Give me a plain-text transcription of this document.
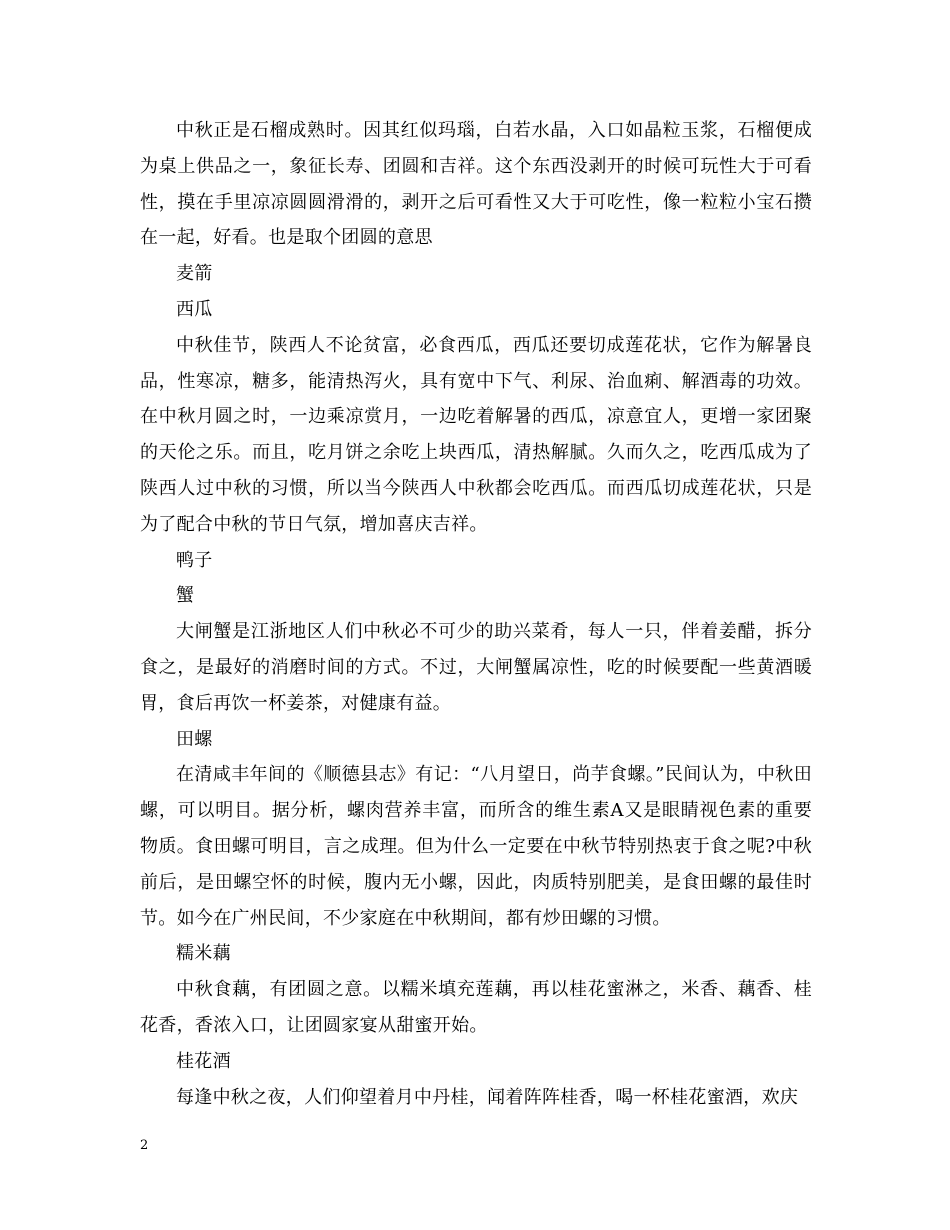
中秋正是石榴成熟时。因其红似玛瑙，白若水晶，入口如晶粒玉浆，石榴便成为桌上供品之一，象征长寿、团圆和吉祥。这个东西没剥开的时候可玩性大于可看性，摸在手里凉凉圆圆滑滑的，剥开之后可看性又大于可吃性，像一粒粒小宝石攒在一起，好看。也是取个团圆的意思

麦箭

西瓜

中秋佳节，陕西人不论贫富，必食西瓜，西瓜还要切成莲花状，它作为解暑良品，性寒凉，糖多，能清热泻火，具有宽中下气、利尿、治血痢、解酒毒的功效。在中秋月圆之时，一边乘凉赏月，一边吃着解暑的西瓜，凉意宜人，更增一家团聚的天伦之乐。而且，吃月饼之余吃上块西瓜，清热解腻。久而久之，吃西瓜成为了陕西人过中秋的习惯，所以当今陕西人中秋都会吃西瓜。而西瓜切成莲花状，只是为了配合中秋的节日气氛，增加喜庆吉祥。

鸭子

蟹

大闸蟹是江浙地区人们中秋必不可少的助兴菜肴，每人一只，伴着姜醋，拆分食之，是最好的消磨时间的方式。不过，大闸蟹属凉性，吃的时候要配一些黄酒暖胃，食后再饮一杯姜茶，对健康有益。

田螺

在清咸丰年间的《顺德县志》有记：“八月望日，尚芋食螺。”民间认为，中秋田螺，可以明目。据分析，螺肉营养丰富，而所含的维生素A又是眼睛视色素的重要物质。食田螺可明目，言之成理。但为什么一定要在中秋节特别热衷于食之呢?中秋前后，是田螺空怀的时候，腹内无小螺，因此，肉质特别肥美，是食田螺的最佳时节。如今在广州民间，不少家庭在中秋期间，都有炒田螺的习惯。

糯米藕

中秋食藕，有团圆之意。以糯米填充莲藕，再以桂花蜜淋之，米香、藕香、桂花香，香浓入口，让团圆家宴从甜蜜开始。

桂花酒

每逢中秋之夜，人们仰望着月中丹桂，闻着阵阵桂香，喝一杯桂花蜜酒，欢庆

2
